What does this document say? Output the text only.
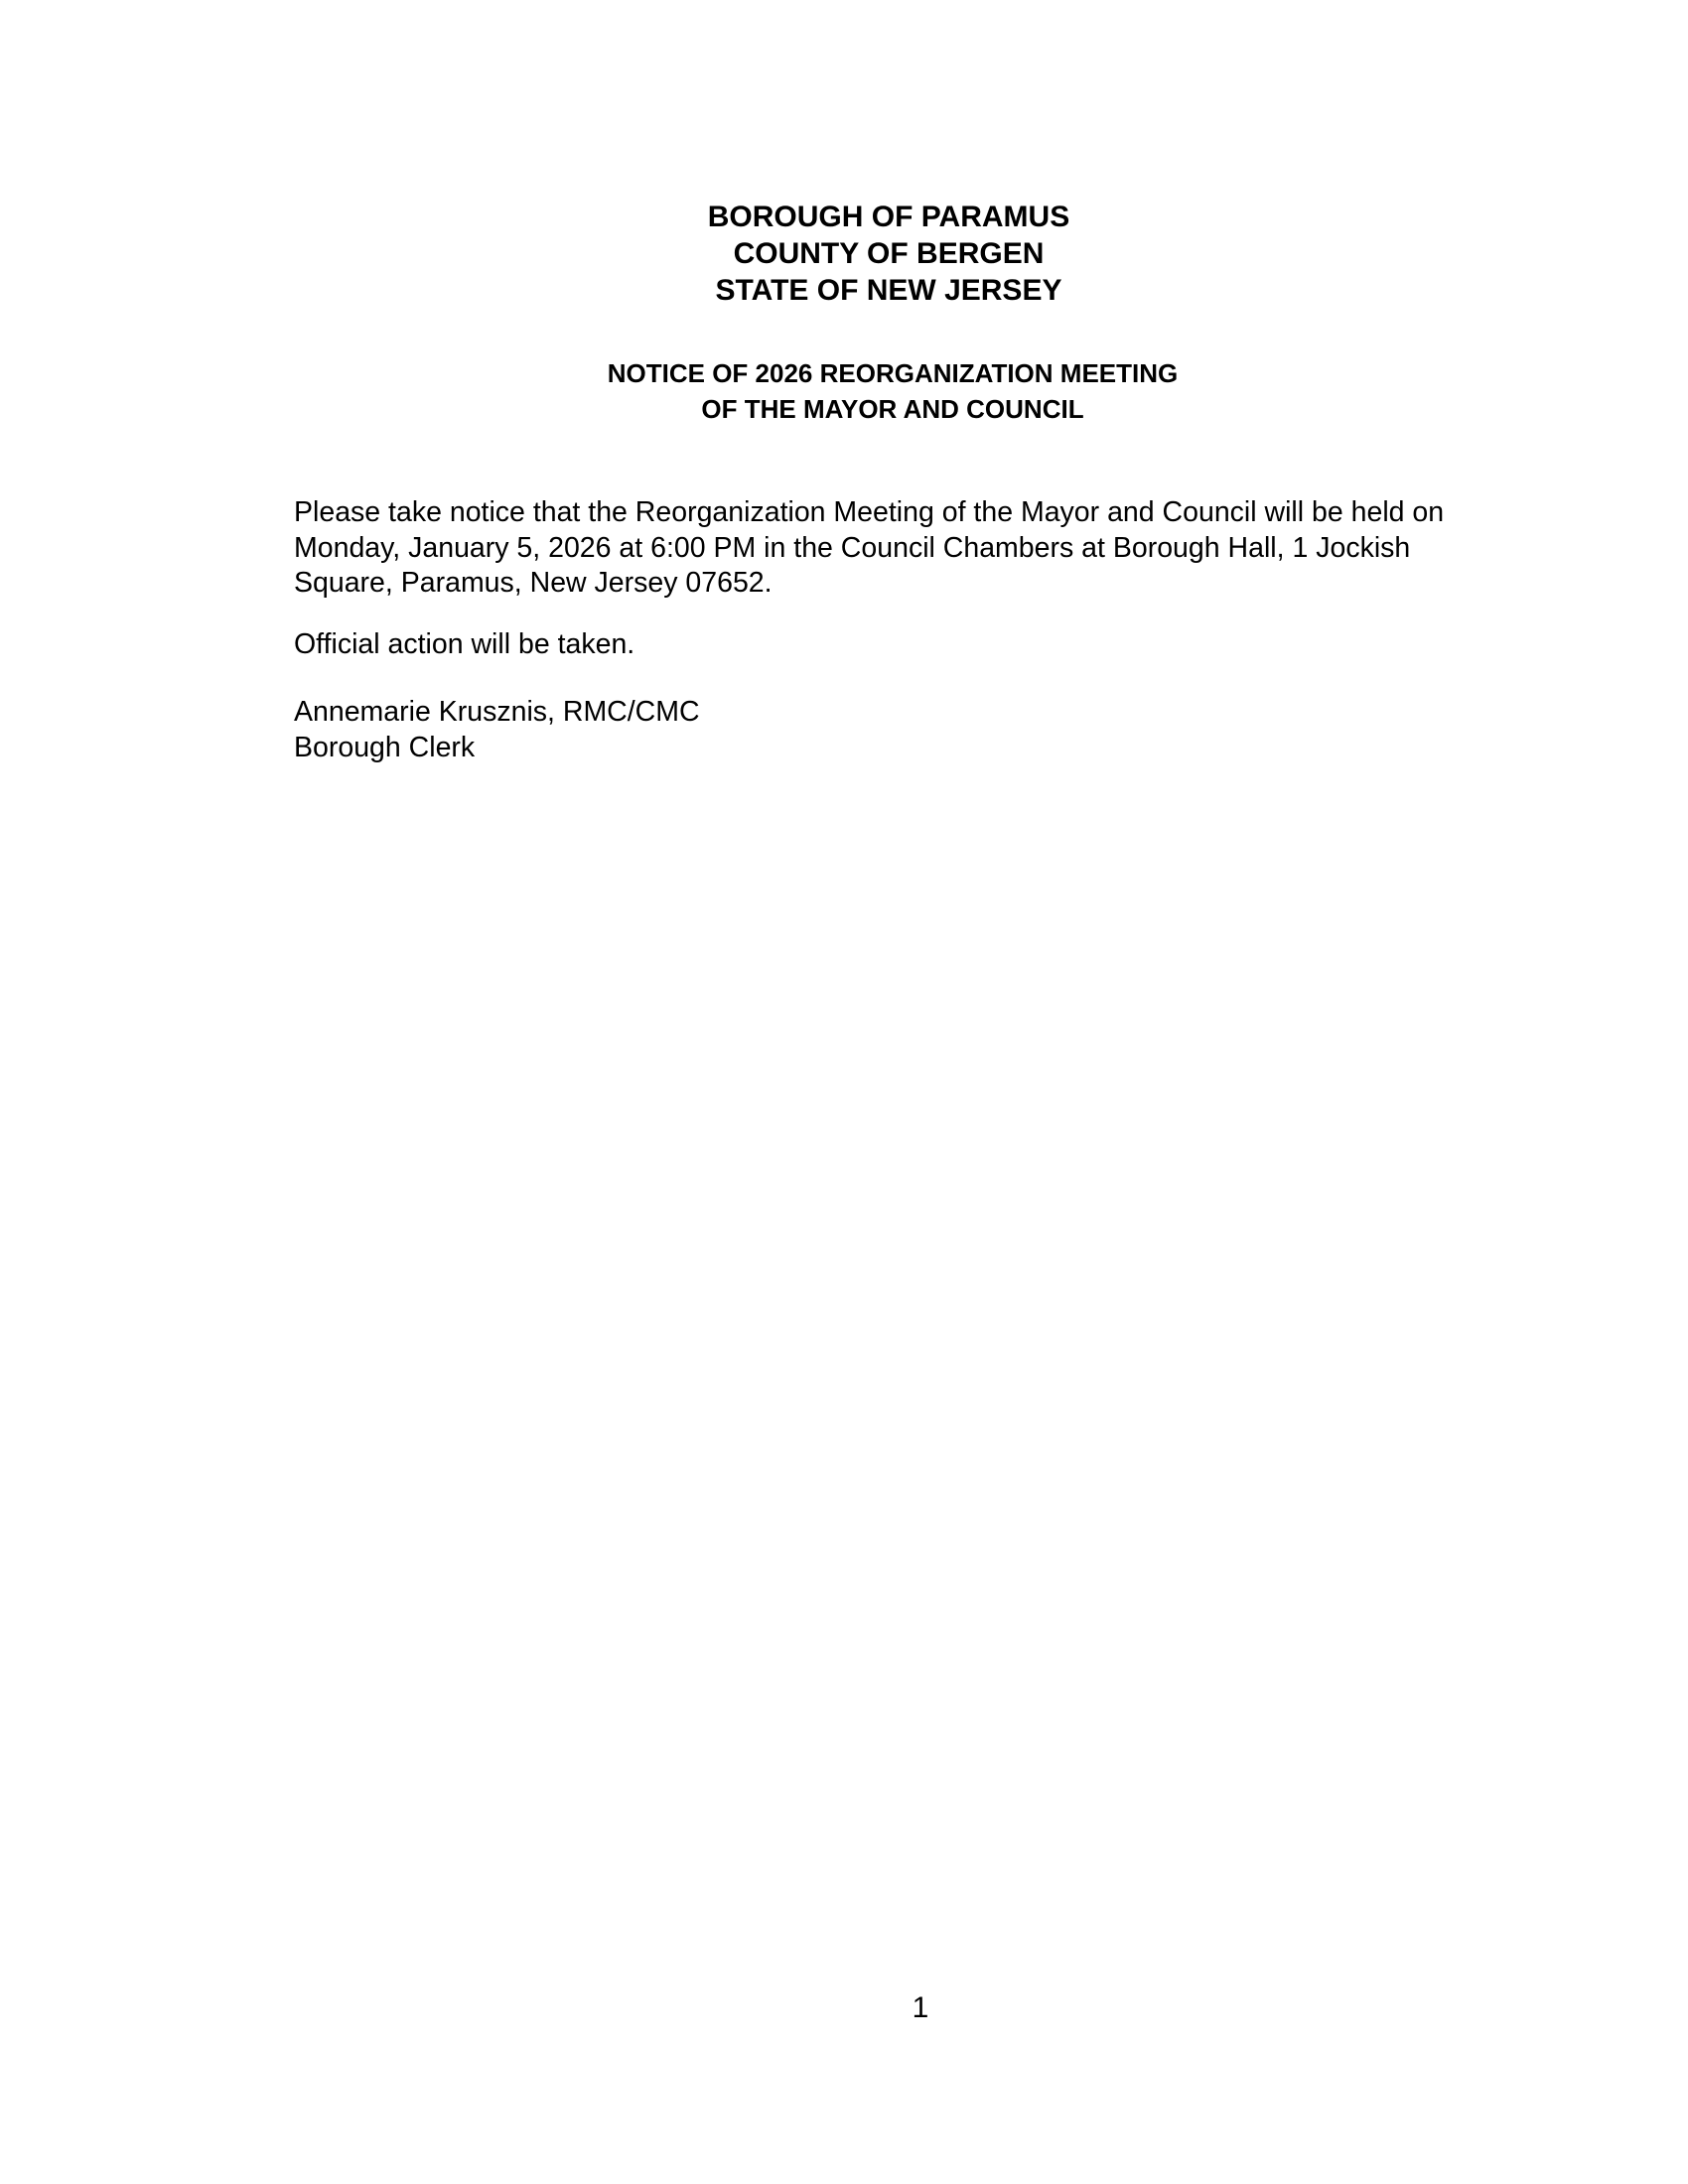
BOROUGH OF PARAMUS
COUNTY OF BERGEN
STATE OF NEW JERSEY
NOTICE OF 2026 REORGANIZATION MEETING
OF THE MAYOR AND COUNCIL
Please take notice that the Reorganization Meeting of the Mayor and Council will be held on
Monday, January 5, 2026 at 6:00 PM in the Council Chambers at Borough Hall, 1 Jockish
Square, Paramus, New Jersey 07652.
Official action will be taken.
Annemarie Krusznis, RMC/CMC
Borough Clerk
1
